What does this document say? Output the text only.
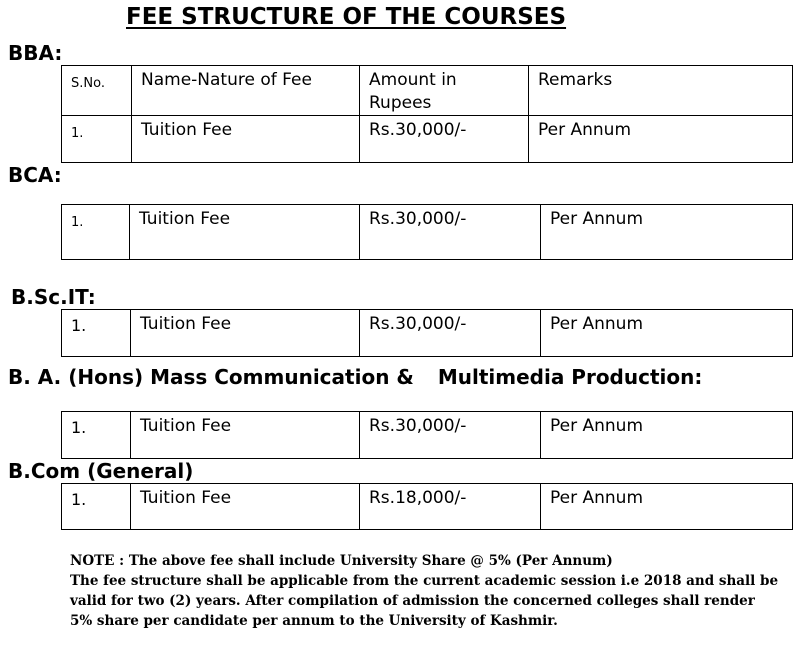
FEE STRUCTURE OF THE COURSES
BBA:
S.No.	Name-Nature of Fee	Amount in Rupees	Remarks
1.	Tuition Fee	Rs.30,000/-	Per Annum
BCA:
1.	Tuition Fee	Rs.30,000/-	Per Annum
B.Sc.IT:
1.	Tuition Fee	Rs.30,000/-	Per Annum
B. A. (Hons) Mass Communication & Multimedia Production:
1.	Tuition Fee	Rs.30,000/-	Per Annum
B.Com (General)
1.	Tuition Fee	Rs.18,000/-	Per Annum
NOTE : The above fee shall include University Share @ 5% (Per Annum)
The fee structure shall be applicable from the current academic session i.e 2018 and shall be valid for two (2) years. After compilation of admission the concerned colleges shall render 5% share per candidate per annum to the University of Kashmir.
